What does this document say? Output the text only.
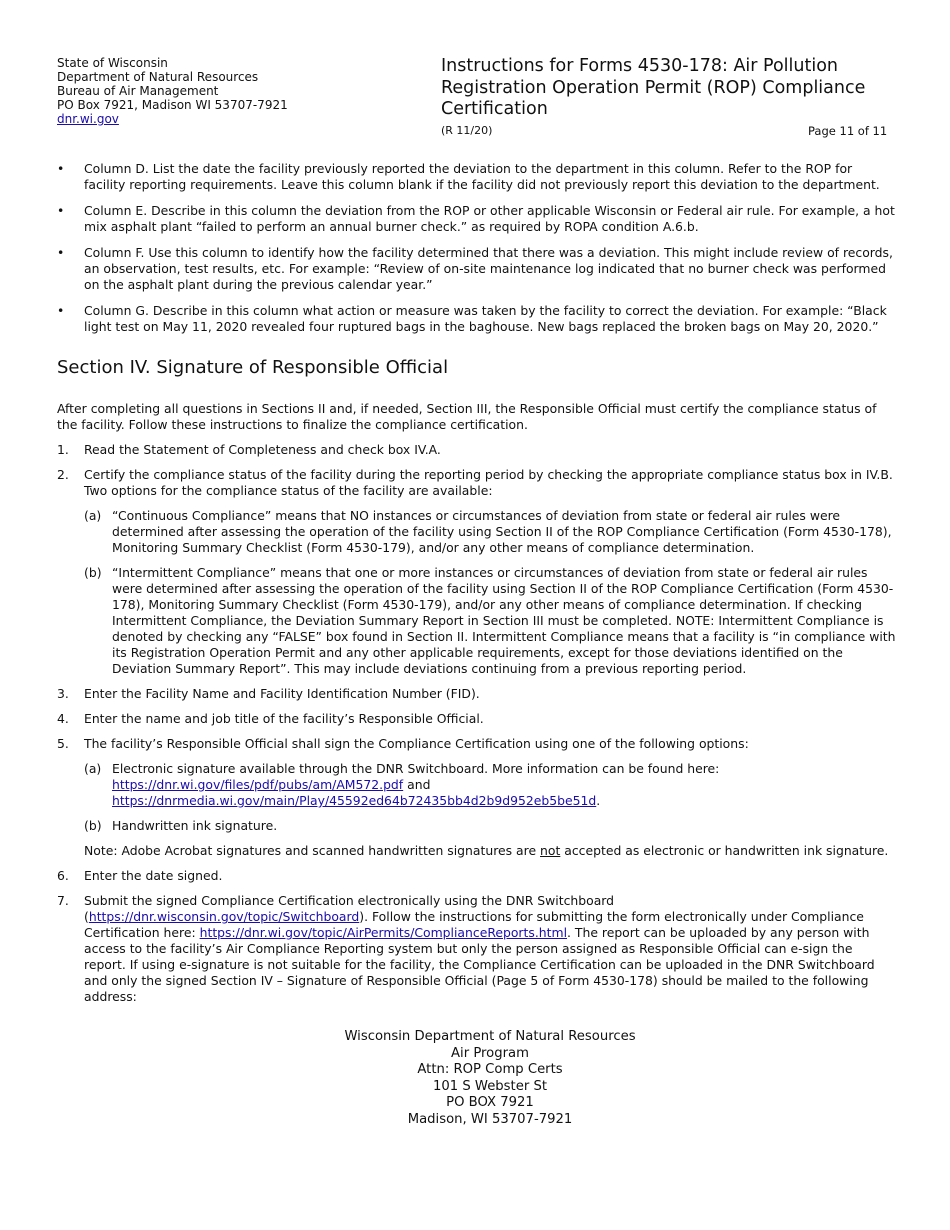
State of Wisconsin
Department of Natural Resources
Bureau of Air Management
PO Box 7921, Madison WI 53707-7921
dnr.wi.gov
Instructions for Forms 4530-178: Air Pollution Registration Operation Permit (ROP) Compliance Certification
(R 11/20)	Page 11 of 11
• Column D. List the date the facility previously reported the deviation to the department in this column. Refer to the ROP for facility reporting requirements. Leave this column blank if the facility did not previously report this deviation to the department.
• Column E. Describe in this column the deviation from the ROP or other applicable Wisconsin or Federal air rule. For example, a hot mix asphalt plant “failed to perform an annual burner check.” as required by ROPA condition A.6.b.
• Column F. Use this column to identify how the facility determined that there was a deviation. This might include review of records, an observation, test results, etc. For example: “Review of on-site maintenance log indicated that no burner check was performed on the asphalt plant during the previous calendar year.”
• Column G. Describe in this column what action or measure was taken by the facility to correct the deviation. For example: “Black light test on May 11, 2020 revealed four ruptured bags in the baghouse. New bags replaced the broken bags on May 20, 2020.”
Section IV. Signature of Responsible Official

After completing all questions in Sections II and, if needed, Section III, the Responsible Official must certify the compliance status of the facility. Follow these instructions to finalize the compliance certification.

1. Read the Statement of Completeness and check box IV.A.
2. Certify the compliance status of the facility during the reporting period by checking the appropriate compliance status box in IV.B. Two options for the compliance status of the facility are available:
(a) “Continuous Compliance” means that NO instances or circumstances of deviation from state or federal air rules were determined after assessing the operation of the facility using Section II of the ROP Compliance Certification (Form 4530-178), Monitoring Summary Checklist (Form 4530-179), and/or any other means of compliance determination.
(b) “Intermittent Compliance” means that one or more instances or circumstances of deviation from state or federal air rules were determined after assessing the operation of the facility using Section II of the ROP Compliance Certification (Form 4530-178), Monitoring Summary Checklist (Form 4530-179), and/or any other means of compliance determination. If checking Intermittent Compliance, the Deviation Summary Report in Section III must be completed. NOTE: Intermittent Compliance is denoted by checking any “FALSE” box found in Section II. Intermittent Compliance means that a facility is “in compliance with its Registration Operation Permit and any other applicable requirements, except for those deviations identified on the Deviation Summary Report”. This may include deviations continuing from a previous reporting period.
3. Enter the Facility Name and Facility Identification Number (FID).
4. Enter the name and job title of the facility’s Responsible Official.
5. The facility’s Responsible Official shall sign the Compliance Certification using one of the following options:
(a) Electronic signature available through the DNR Switchboard. More information can be found here:
https://dnr.wi.gov/files/pdf/pubs/am/AM572.pdf and
https://dnrmedia.wi.gov/main/Play/45592ed64b72435bb4d2b9d952eb5be51d.
(b) Handwritten ink signature.

Note: Adobe Acrobat signatures and scanned handwritten signatures are not accepted as electronic or handwritten ink signature.

6. Enter the date signed.
7. Submit the signed Compliance Certification electronically using the DNR Switchboard (https://dnr.wisconsin.gov/topic/Switchboard). Follow the instructions for submitting the form electronically under Compliance Certification here: https://dnr.wi.gov/topic/AirPermits/ComplianceReports.html. The report can be uploaded by any person with access to the facility’s Air Compliance Reporting system but only the person assigned as Responsible Official can e-sign the report. If using e-signature is not suitable for the facility, the Compliance Certification can be uploaded in the DNR Switchboard and only the signed Section IV – Signature of Responsible Official (Page 5 of Form 4530-178) should be mailed to the following address:
Wisconsin Department of Natural Resources
Air Program
Attn: ROP Comp Certs
101 S Webster St
PO BOX 7921
Madison, WI 53707-7921
